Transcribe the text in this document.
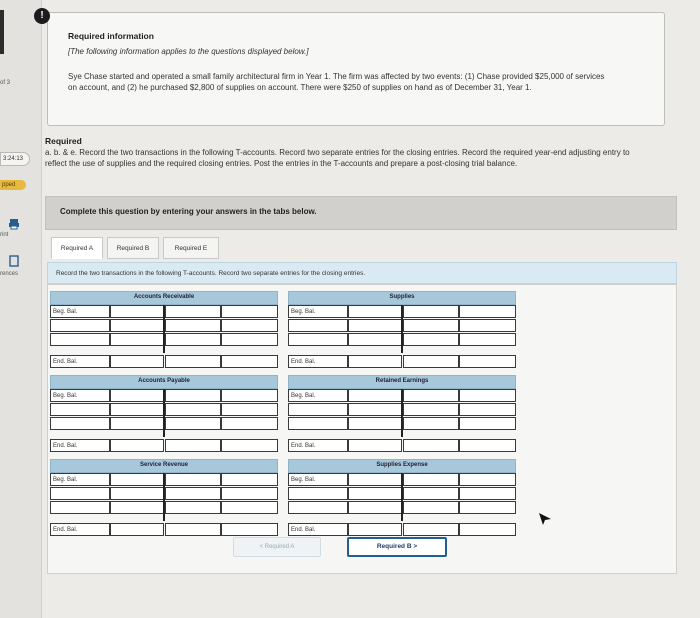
of 3
3:24:13
pped
rint
rences
!
Required information
[The following information applies to the questions displayed below.]
Sye Chase started and operated a small family architectural firm in Year 1. The firm was affected by two events: (1) Chase provided $25,000 of services on account, and (2) he purchased $2,800 of supplies on account. There were $250 of supplies on hand as of December 31, Year 1.
Required
a. b. & e. Record the two transactions in the following T-accounts. Record two separate entries for the closing entries. Record the required year-end adjusting entry to reflect the use of supplies and the required closing entries. Post the entries in the T-accounts and prepare a post-closing trial balance.
Complete this question by entering your answers in the tabs below.
Required A	Required B	Required E
Record the two transactions in the following T-accounts. Record two separate entries for the closing entries.
Accounts Receivable
Beg. Bal.
End. Bal.
Supplies
Beg. Bal.
End. Bal.
Accounts Payable
Beg. Bal.
End. Bal.
Retained Earnings
Beg. Bal.
End. Bal.
Service Revenue
Beg. Bal.
End. Bal.
Supplies Expense
Beg. Bal.
End. Bal.
< Required A	Required B >
